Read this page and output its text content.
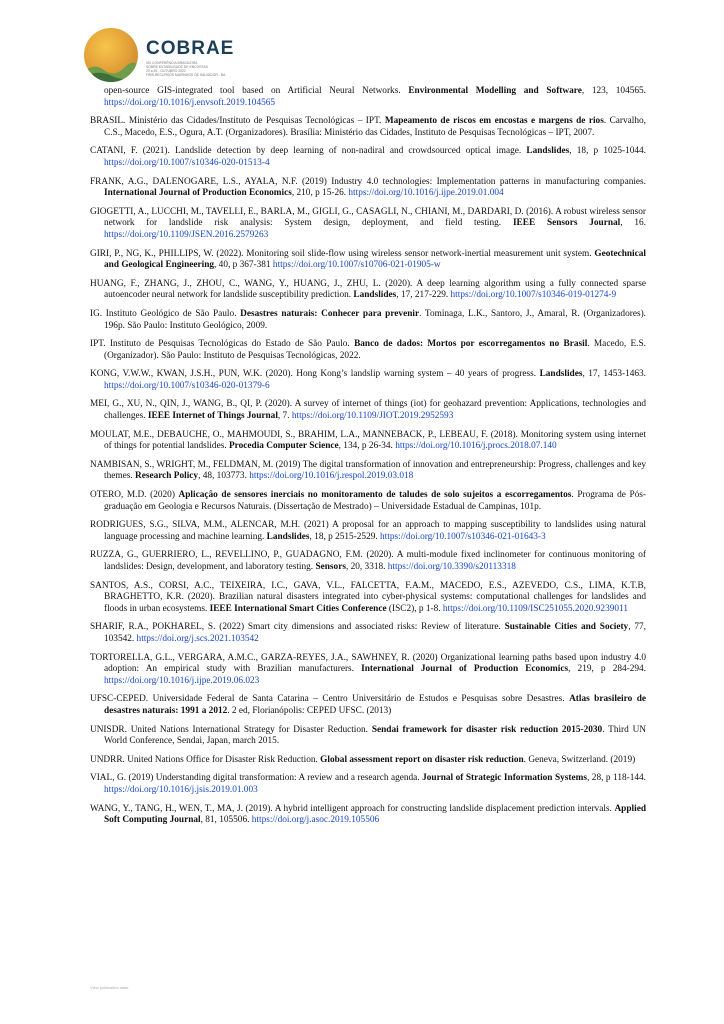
COBRAE
VIII CONFERÊNCIA BRASILEIRA
SOBRE ESTABILIDADE DE ENCOSTAS
23 a 25 - OUTUBRO 2022
FIRB-RECURSOS MARINHOS DE SALVADOR - BA

open-source GIS-integrated tool based on Artificial Neural Networks. Environmental Modelling and Software, 123, 104565. https://doi.org/10.1016/j.envsoft.2019.104565

BRASIL. Ministério das Cidades/Instituto de Pesquisas Tecnológicas – IPT. Mapeamento de riscos em encostas e margens de rios. Carvalho, C.S., Macedo, E.S., Ogura, A.T. (Organizadores). Brasília: Ministério das Cidades, Instituto de Pesquisas Tecnológicas – IPT, 2007.

CATANI, F. (2021). Landslide detection by deep learning of non-nadiral and crowdsourced optical image. Landslides, 18, p 1025-1044. https://doi.org/10.1007/s10346-020-01513-4

FRANK, A.G., DALENOGARE, L.S., AYALA, N.F. (2019) Industry 4.0 technologies: Implementation patterns in manufacturing companies. International Journal of Production Economics, 210, p 15-26. https://doi.org/10.1016/j.ijpe.2019.01.004

GIOGETTI, A., LUCCHI, M., TAVELLI, E., BARLA, M., GIGLI, G., CASAGLI, N., CHIANI, M., DARDARI, D. (2016). A robust wireless sensor network for landslide risk analysis: System design, deployment, and field testing. IEEE Sensors Journal, 16. https://doi.org/10.1109/JSEN.2016.2579263

GIRI, P., NG, K., PHILLIPS, W. (2022). Monitoring soil slide-flow using wireless sensor network-inertial measurement unit system. Geotechnical and Geological Engineering, 40, p 367-381 https://doi.org/10.1007/s10706-021-01905-w

HUANG, F., ZHANG, J., ZHOU, C., WANG, Y., HUANG, J., ZHU, L. (2020). A deep learning algorithm using a fully connected sparse autoencoder neural network for landslide susceptibility prediction. Landslides, 17, 217-229. https://doi.org/10.1007/s10346-019-01274-9

IG. Instituto Geológico de São Paulo. Desastres naturais: Conhecer para prevenir. Tominaga, L.K., Santoro, J., Amaral, R. (Organizadores). 196p. São Paulo: Instituto Geológico, 2009.

IPT. Instituto de Pesquisas Tecnológicas do Estado de São Paulo. Banco de dados: Mortos por escorregamentos no Brasil. Macedo, E.S. (Organizador). São Paulo: Instituto de Pesquisas Tecnológicas, 2022.

KONG, V.W.W., KWAN, J.S.H., PUN, W.K. (2020). Hong Kong’s landslip warning system – 40 years of progress. Landslides, 17, 1453-1463. https://doi.org/10.1007/s10346-020-01379-6

MEI, G., XU, N., QIN, J., WANG, B., QI, P. (2020). A survey of internet of things (iot) for geohazard prevention: Applications, technologies and challenges. IEEE Internet of Things Journal, 7. https://doi.org/10.1109/JIOT.2019.2952593

MOULAT, M.E., DEBAUCHE, O., MAHMOUDI, S., BRAHIM, L.A., MANNEBACK, P., LEBEAU, F. (2018). Monitoring system using internet of things for potential landslides. Procedia Computer Science, 134, p 26-34. https://doi.org/10.1016/j.procs.2018.07.140

NAMBISAN, S., WRIGHT, M., FELDMAN, M. (2019) The digital transformation of innovation and entrepreneurship: Progress, challenges and key themes. Research Policy, 48, 103773. https://doi.org/10.1016/j.respol.2019.03.018

OTERO, M.D. (2020) Aplicação de sensores inerciais no monitoramento de taludes de solo sujeitos a escorregamentos. Programa de Pós-graduação em Geologia e Recursos Naturais. (Dissertação de Mestrado) – Universidade Estadual de Campinas, 101p.

RODRIGUES, S.G., SILVA, M.M., ALENCAR, M.H. (2021) A proposal for an approach to mapping susceptibility to landslides using natural language processing and machine learning. Landslides, 18, p 2515-2529. https://doi.org/10.1007/s10346-021-01643-3

RUZZA, G., GUERRIERO, L., REVELLINO, P., GUADAGNO, F.M. (2020). A multi-module fixed inclinometer for continuous monitoring of landslides: Design, development, and laboratory testing. Sensors, 20, 3318. https://doi.org/10.3390/s20113318

SANTOS, A.S., CORSI, A.C., TEIXEIRA, I.C., GAVA, V.L., FALCETTA, F.A.M., MACEDO, E.S., AZEVEDO, C.S., LIMA, K.T.B, BRAGHETTO, K.R. (2020). Brazilian natural disasters integrated into cyber-physical systems: computational challenges for landslides and floods in urban ecosystems. IEEE International Smart Cities Conference (ISC2), p 1-8. https://doi.org/10.1109/ISC251055.2020.9239011

SHARIF, R.A., POKHAREL, S. (2022) Smart city dimensions and associated risks: Review of literature. Sustainable Cities and Society, 77, 103542. https://doi.org/j.scs.2021.103542

TORTORELLA, G.L., VERGARA, A.M.C., GARZA-REYES, J.A., SAWHNEY, R. (2020) Organizational learning paths based upon industry 4.0 adoption: An empirical study with Brazilian manufacturers. International Journal of Production Economics, 219, p 284-294. https://doi.org/10.1016/j.ijpe.2019.06.023

UFSC-CEPED. Universidade Federal de Santa Catarina – Centro Universitário de Estudos e Pesquisas sobre Desastres. Atlas brasileiro de desastres naturais: 1991 a 2012. 2 ed, Florianópolis: CEPED UFSC. (2013)

UNISDR. United Nations International Strategy for Disaster Reduction. Sendai framework for disaster risk reduction 2015-2030. Third UN World Conference, Sendai, Japan, march 2015.

UNDRR. United Nations Office for Disaster Risk Reduction. Global assessment report on disaster risk reduction. Geneva, Switzerland. (2019)

VIAL, G. (2019) Understanding digital transformation: A review and a research agenda. Journal of Strategic Information Systems, 28, p 118-144. https://doi.org/10.1016/j.jsis.2019.01.003

WANG, Y., TANG, H., WEN, T., MA, J. (2019). A hybrid intelligent approach for constructing landslide displacement prediction intervals. Applied Soft Computing Journal, 81, 105506. https://doi.org/j.asoc.2019.105506

View publication stats
